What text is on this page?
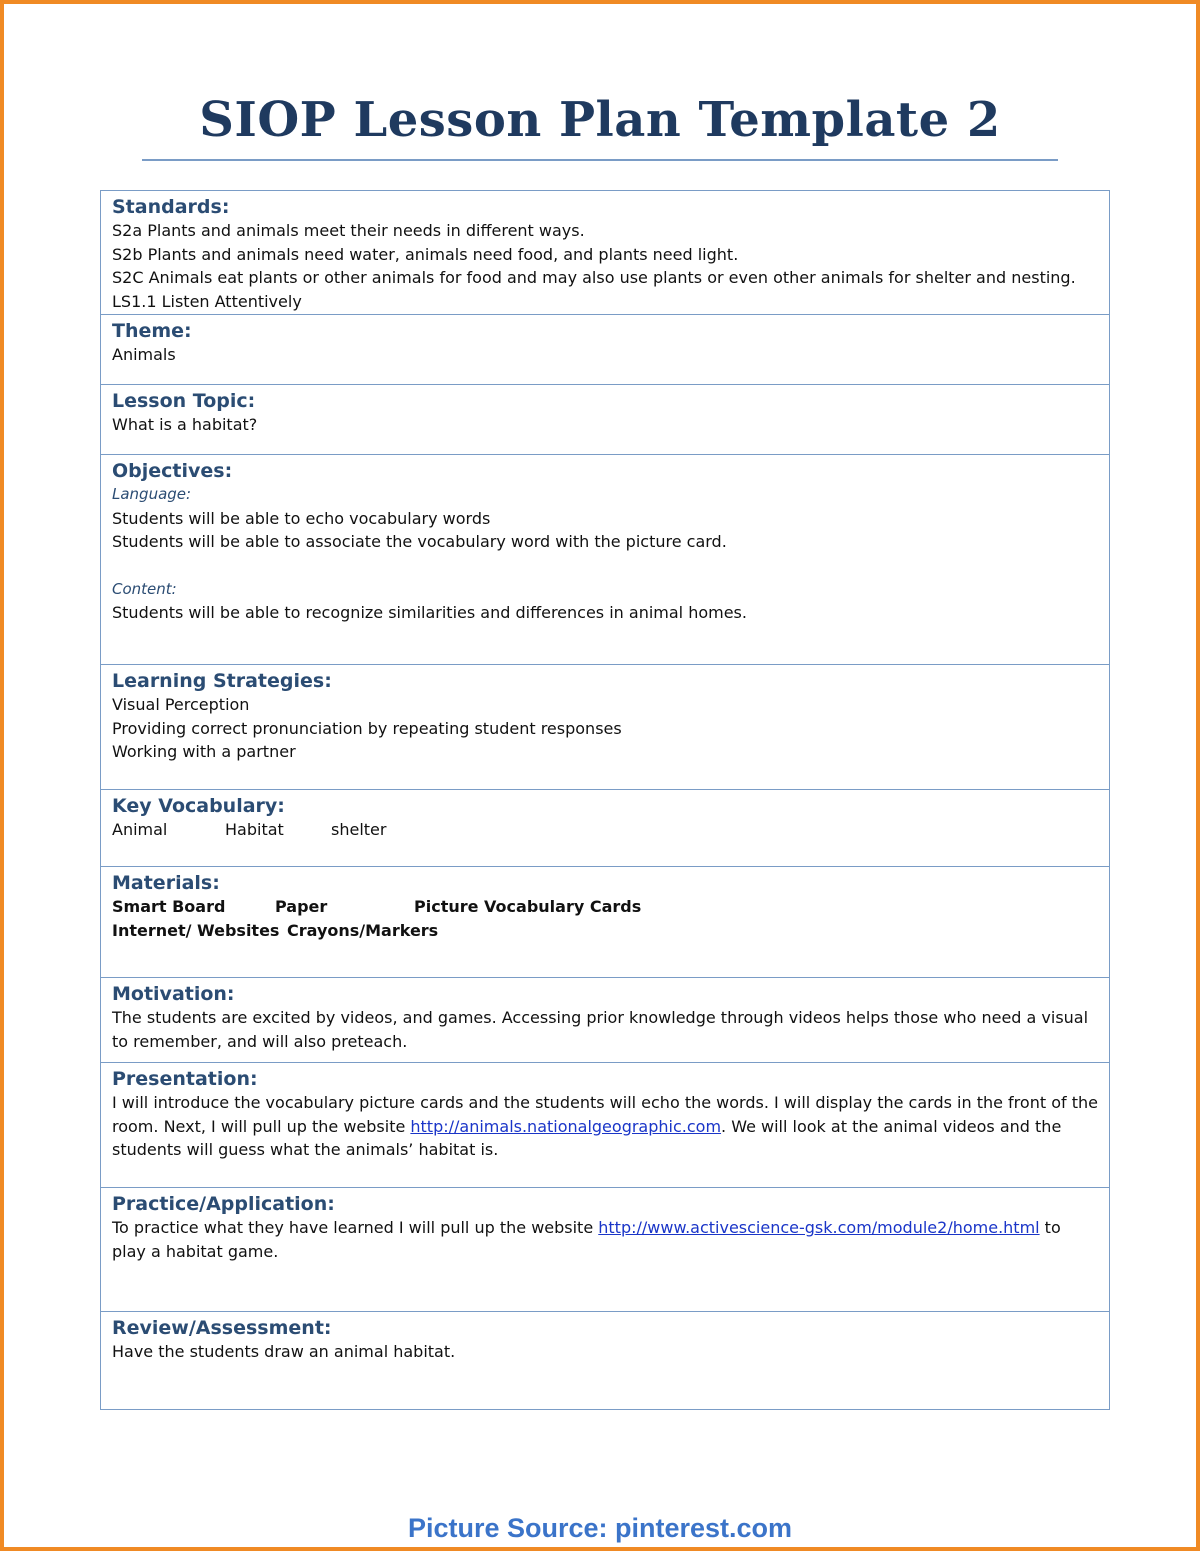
SIOP Lesson Plan Template 2
Standards:
S2a Plants and animals meet their needs in different ways.
S2b Plants and animals need water, animals need food, and plants need light.
S2C Animals eat plants or other animals for food and may also use plants or even other animals for shelter and nesting.
LS1.1 Listen Attentively
Theme:
Animals
Lesson Topic:
What is a habitat?
Objectives:
Language:
Students will be able to echo vocabulary words
Students will be able to associate the vocabulary word with the picture card.
Content:
Students will be able to recognize similarities and differences in animal homes.
Learning Strategies:
Visual Perception
Providing correct pronunciation by repeating student responses
Working with a partner
Key Vocabulary:
Animal	Habitat	shelter
Materials:
Smart Board	Paper	Picture Vocabulary Cards
Internet/ Websites Crayons/Markers
Motivation:
The students are excited by videos, and games. Accessing prior knowledge through videos helps those who need a visual to remember, and will also preteach.
Presentation:
I will introduce the vocabulary picture cards and the students will echo the words. I will display the cards in the front of the room. Next, I will pull up the website http://animals.nationalgeographic.com. We will look at the animal videos and the students will guess what the animals’ habitat is.
Practice/Application:
To practice what they have learned I will pull up the website http://www.activescience-gsk.com/module2/home.html to play a habitat game.
Review/Assessment:
Have the students draw an animal habitat.
Picture Source: pinterest.com
